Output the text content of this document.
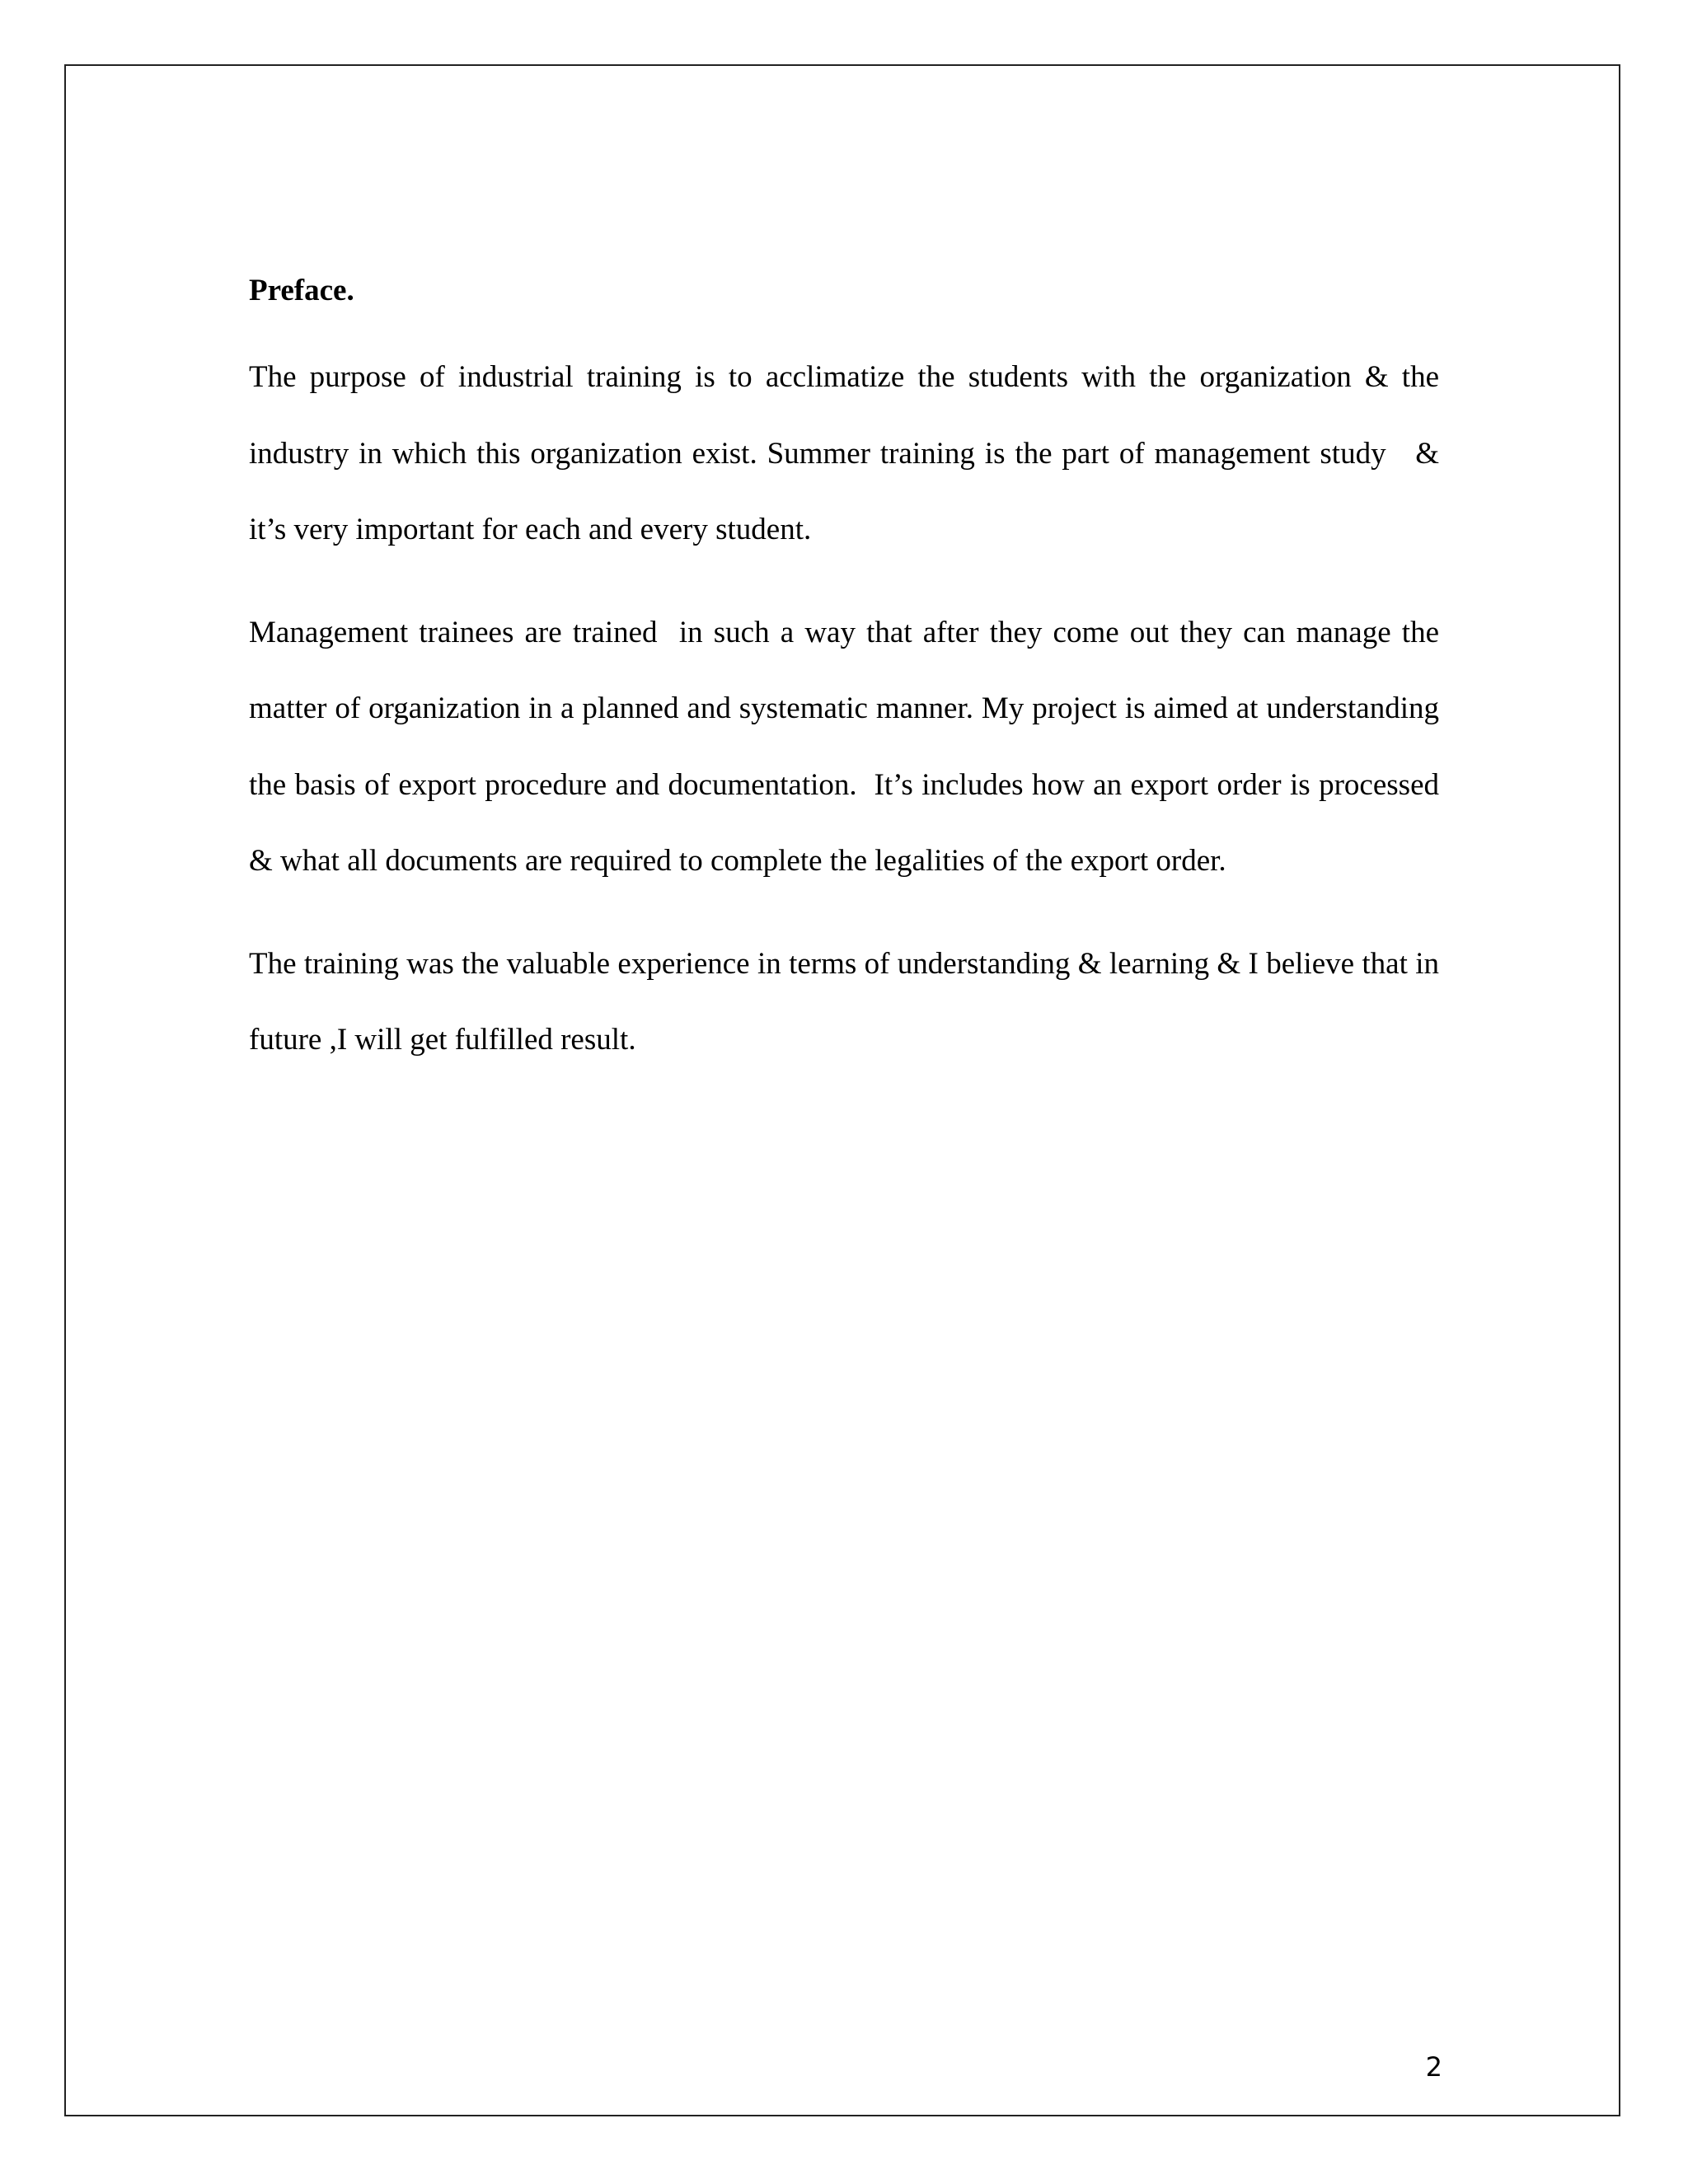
Preface.

The purpose of industrial training is to acclimatize the students with the organization & the industry in which this organization exist. Summer training is the part of management study   & it’s very important for each and every student.

Management trainees are trained  in such a way that after they come out they can manage the matter of organization in a planned and systematic manner. My project is aimed at understanding the basis of export procedure and documentation.  It’s includes how an export order is processed & what all documents are required to complete the legalities of the export order.

The training was the valuable experience in terms of understanding & learning & I believe that in future ,I will get fulfilled result.

2
